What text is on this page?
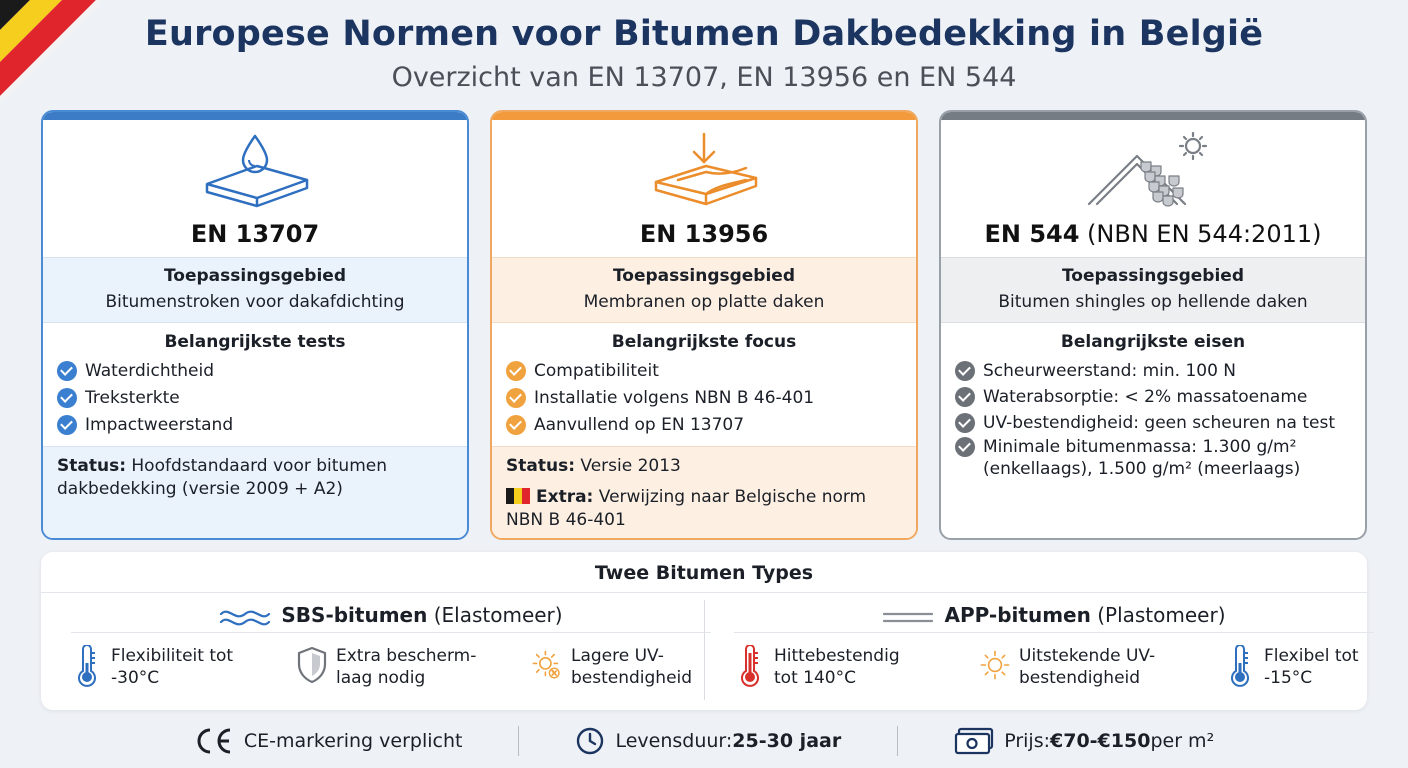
Europese Normen voor Bitumen Dakbedekking in België
Overzicht van EN 13707, EN 13956 en EN 544
EN 13707
Toepassingsgebied
Bitumenstroken voor dakafdichting
Belangrijkste tests
Waterdichtheid
Treksterkte
Impactweerstand
Status: Hoofdstandaard voor bitumen dakbedekking (versie 2009 + A2)
EN 13956
Toepassingsgebied
Membranen op platte daken
Belangrijkste focus
Compatibiliteit
Installatie volgens NBN B 46-401
Aanvullend op EN 13707
Status: Versie 2013
Extra: Verwijzing naar Belgische norm NBN B 46-401
EN 544 (NBN EN 544:2011)
Toepassingsgebied
Bitumen shingles op hellende daken
Belangrijkste eisen
Scheurweerstand: min. 100 N
Waterabsorptie: < 2% massatoename
UV-bestendigheid: geen scheuren na test
Minimale bitumenmassa: 1.300 g/m² (enkellaags), 1.500 g/m² (meerlaags)
Twee Bitumen Types
SBS-bitumen (Elastomeer)
Flexibiliteit tot -30°C
Extra bescherm-laag nodig
Lagere UV-bestendigheid
APP-bitumen (Plastomeer)
Hittebestendig tot 140°C
Uitstekende UV-bestendigheid
Flexibel tot -15°C
CE-markering verplicht	Levensduur: 25-30 jaar	Prijs: €70-€150 per m²
